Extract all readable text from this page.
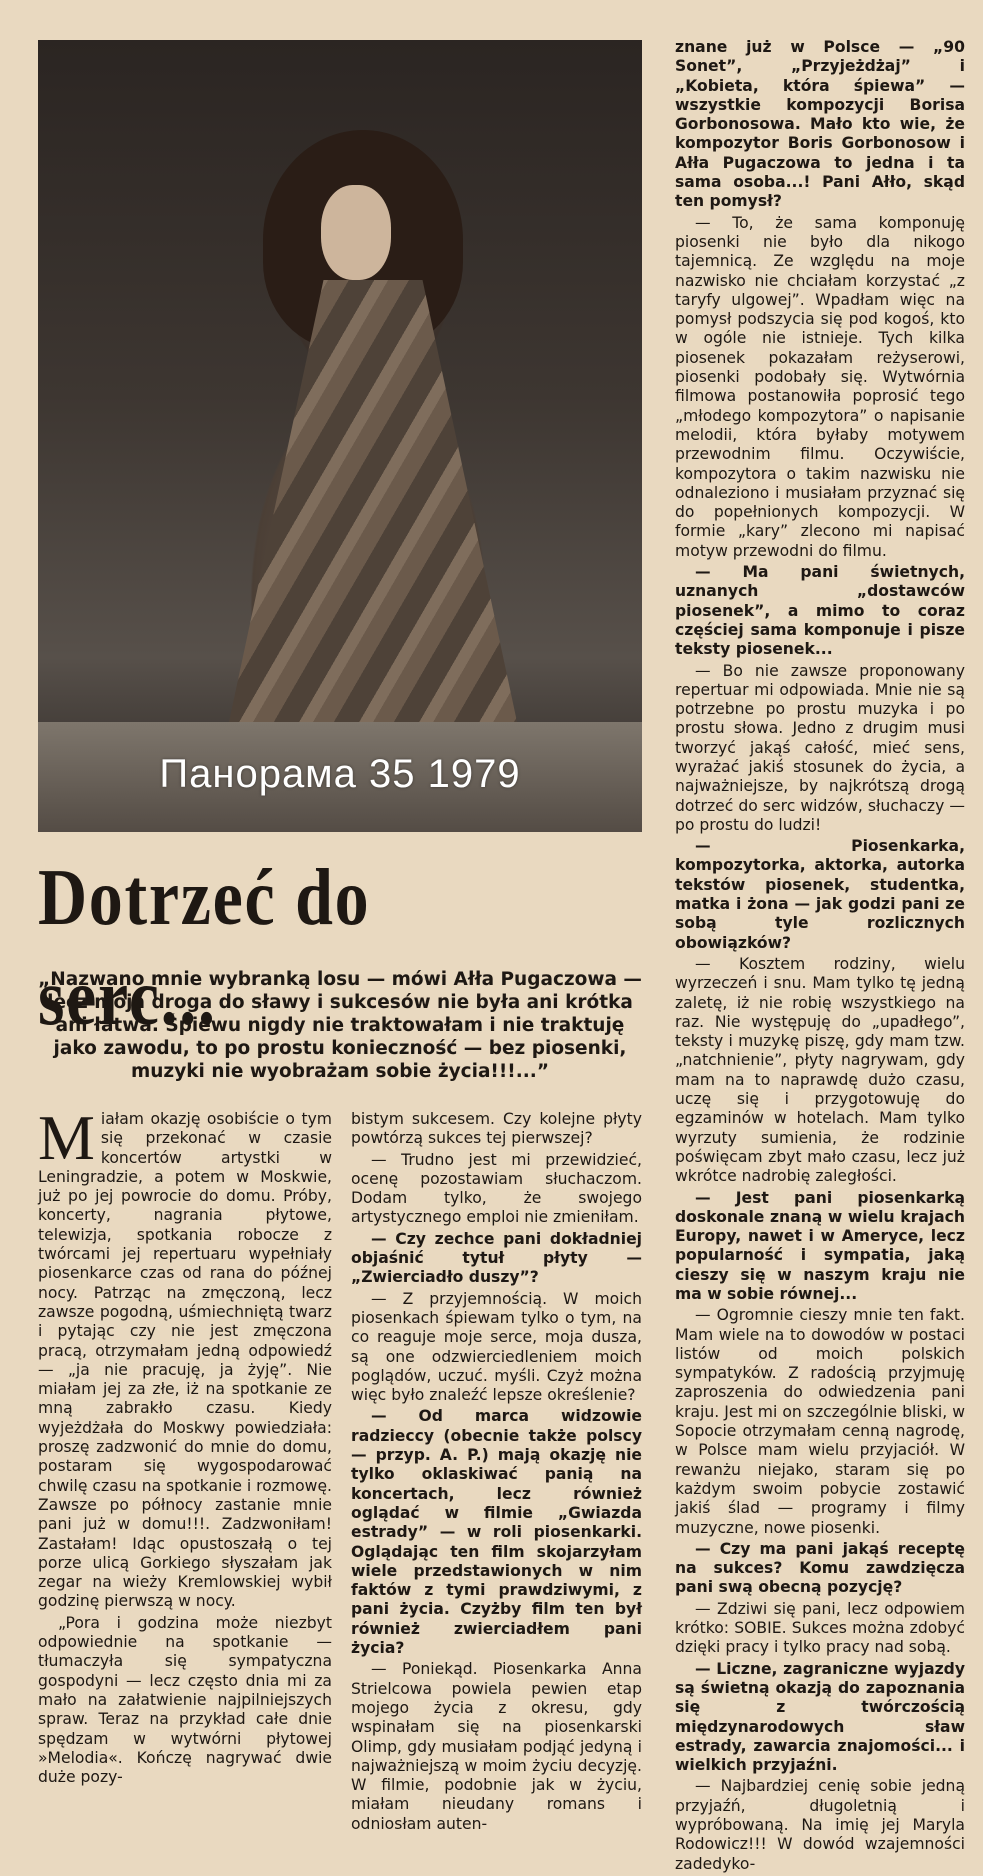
Панорама 35 1979
Dotrzeć do serc...
„Nazwano mnie wybranką losu — mówi Ałła Pugaczowa — lecz moja droga do sławy i sukcesów nie była ani krótka ani łatwa. Śpiewu nigdy nie traktowałam i nie traktuję jako zawodu, to po prostu konieczność — bez piosenki, muzyki nie wyobrażam sobie życia!!!...”

Miałam okazję osobiście o tym się przekonać w czasie koncertów artystki w Leningradzie, a potem w Moskwie, już po jej powrocie do domu. Próby, koncerty, nagrania płytowe, telewizja, spotkania robocze z twórcami jej repertuaru wypełniały piosenkarce czas od rana do późnej nocy. Patrząc na zmęczoną, lecz zawsze pogodną, uśmiechniętą twarz i pytając czy nie jest zmęczona pracą, otrzymałam jedną odpowiedź — „ja nie pracuję, ja żyję”. Nie miałam jej za złe, iż na spotkanie ze mną zabrakło czasu. Kiedy wyjeżdżała do Moskwy powiedziała: proszę zadzwonić do mnie do domu, postaram się wygospodarować chwilę czasu na spotkanie i rozmowę. Zawsze po północy zastanie mnie pani już w domu!!!. Zadzwoniłam! Zastałam! Idąc opustoszałą o tej porze ulicą Gorkiego słyszałam jak zegar na wieży Kremlowskiej wybił godzinę pierwszą w nocy.

„Pora i godzina może niezbyt odpowiednie na spotkanie — tłumaczyła się sympatyczna gospodyni — lecz często dnia mi za mało na załatwienie najpilniejszych spraw. Teraz na przykład całe dnie spędzam w wytwórni płytowej »Melodia«. Kończę nagrywać dwie duże pozy-

bistym sukcesem. Czy kolejne płyty powtórzą sukces tej pierwszej?

— Trudno jest mi przewidzieć, ocenę pozostawiam słuchaczom. Dodam tylko, że swojego artystycznego emploi nie zmieniłam.

— Czy zechce pani dokładniej objaśnić tytuł płyty — „Zwierciadło duszy”?

— Z przyjemnością. W moich piosenkach śpiewam tylko o tym, na co reaguje moje serce, moja dusza, są one odzwierciedleniem moich poglądów, uczuć. myśli. Czyż można więc było znaleźć lepsze określenie?

— Od marca widzowie radzieccy (obecnie także polscy — przyp. A. P.) mają okazję nie tylko oklaskiwać panią na koncertach, lecz również oglądać w filmie „Gwiazda estrady” — w roli piosenkarki. Oglądając ten film skojarzyłam wiele przedstawionych w nim faktów z tymi prawdziwymi, z pani życia. Czyżby film ten był również zwierciadłem pani życia?

— Poniekąd. Piosenkarka Anna Strielcowa powiela pewien etap mojego życia z okresu, gdy wspinałam się na piosenkarski Olimp, gdy musiałam podjąć jedyną i najważniejszą w moim życiu decyzję. W filmie, podobnie jak w życiu, miałam nieudany romans i odniosłam auten-

znane już w Polsce — „90 Sonet”, „Przyjeżdżaj” i „Kobieta, która śpiewa” — wszystkie kompozycji Borisa Gorbonosowa. Mało kto wie, że kompozytor Boris Gorbonosow i Ałła Pugaczowa to jedna i ta sama osoba...! Pani Ałło, skąd ten pomysł?

— To, że sama komponuję piosenki nie było dla nikogo tajemnicą. Ze względu na moje nazwisko nie chciałam korzystać „z taryfy ulgowej”. Wpadłam więc na pomysł podszycia się pod kogoś, kto w ogóle nie istnieje. Tych kilka piosenek pokazałam reżyserowi, piosenki podobały się. Wytwórnia filmowa postanowiła poprosić tego „młodego kompozytora” o napisanie melodii, która byłaby motywem przewodnim filmu. Oczywiście, kompozytora o takim nazwisku nie odnaleziono i musiałam przyznać się do popełnionych kompozycji. W formie „kary” zlecono mi napisać motyw przewodni do filmu.

— Ma pani świetnych, uznanych „dostawców piosenek”, a mimo to coraz częściej sama komponuje i pisze teksty piosenek...

— Bo nie zawsze proponowany repertuar mi odpowiada. Mnie nie są potrzebne po prostu muzyka i po prostu słowa. Jedno z drugim musi tworzyć jakąś całość, mieć sens, wyrażać jakiś stosunek do życia, a najważniejsze, by najkrótszą drogą dotrzeć do serc widzów, słuchaczy — po prostu do ludzi!

— Piosenkarka, kompozytorka, aktorka, autorka tekstów piosenek, studentka, matka i żona — jak godzi pani ze sobą tyle rozlicznych obowiązków?

— Kosztem rodziny, wielu wyrzeczeń i snu. Mam tylko tę jedną zaletę, iż nie robię wszystkiego na raz. Nie występuję do „upadłego”, teksty i muzykę piszę, gdy mam tzw. „natchnienie”, płyty nagrywam, gdy mam na to naprawdę dużo czasu, uczę się i przygotowuję do egzaminów w hotelach. Mam tylko wyrzuty sumienia, że rodzinie poświęcam zbyt mało czasu, lecz już wkrótce nadrobię zaległości.

— Jest pani piosenkarką doskonale znaną w wielu krajach Europy, nawet i w Ameryce, lecz popularność i sympatia, jaką cieszy się w naszym kraju nie ma w sobie równej...

— Ogromnie cieszy mnie ten fakt. Mam wiele na to dowodów w postaci listów od moich polskich sympatyków. Z radością przyjmuję zaproszenia do odwiedzenia pani kraju. Jest mi on szczególnie bliski, w Sopocie otrzymałam cenną nagrodę, w Polsce mam wielu przyjaciół. W rewanżu niejako, staram się po każdym swoim pobycie zostawić jakiś ślad — programy i filmy muzyczne, nowe piosenki.

— Czy ma pani jakąś receptę na sukces? Komu zawdzięcza pani swą obecną pozycję?

— Zdziwi się pani, lecz odpowiem krótko: SOBIE. Sukces można zdobyć dzięki pracy i tylko pracy nad sobą.

— Liczne, zagraniczne wyjazdy są świetną okazją do zapoznania się z twórczością międzynarodowych sław estrady, zawarcia znajomości... i wielkich przyjaźni.

— Najbardziej cenię sobie jedną przyjaźń, długoletnią i wypróbowaną. Na imię jej Maryla Rodowicz!!! W dowód wzajemności zadedyko-
